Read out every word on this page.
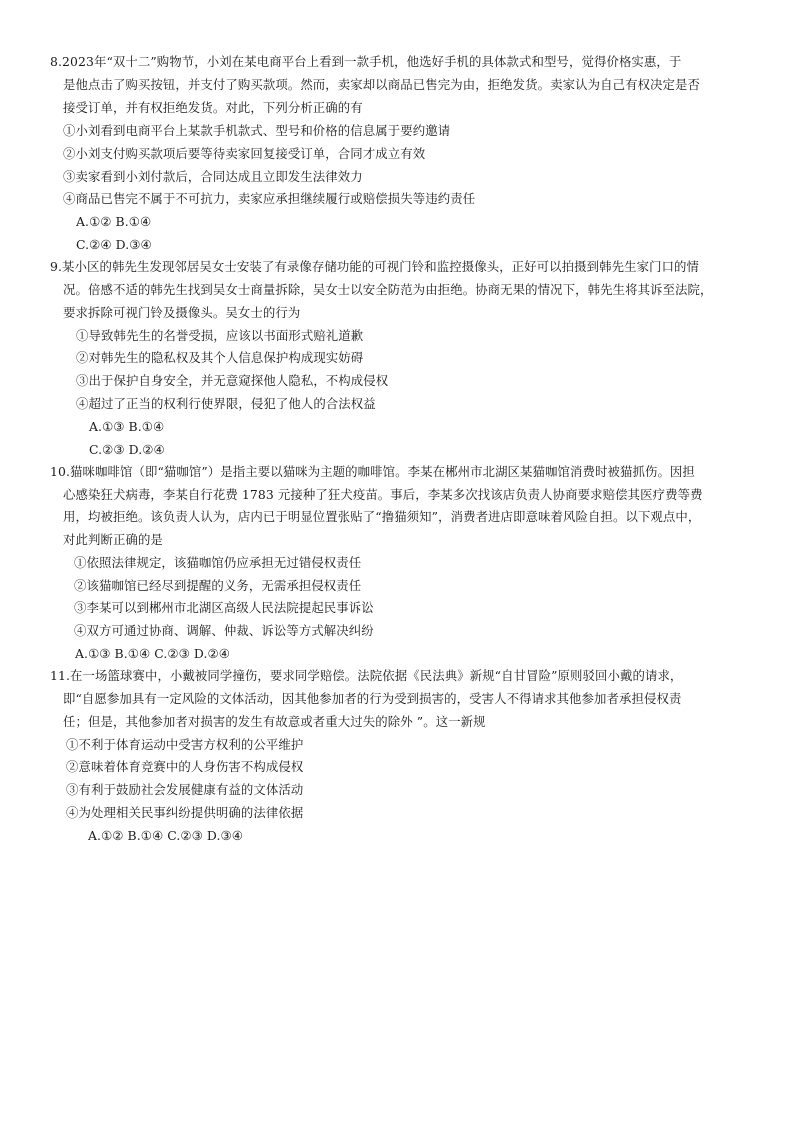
8.2023年“双十二”购物节，小刘在某电商平台上看到一款手机，他选好手机的具体款式和型号，觉得价格实惠，于
是他点击了购买按钮，并支付了购买款项。然而，卖家却以商品已售完为由，拒绝发货。卖家认为自己有权决定是否
接受订单，并有权拒绝发货。对此，下列分析正确的有
①小刘看到电商平台上某款手机款式、型号和价格的信息属于要约邀请
②小刘支付购买款项后要等待卖家回复接受订单，合同才成立有效
③卖家看到小刘付款后，合同达成且立即发生法律效力
④商品已售完不属于不可抗力，卖家应承担继续履行或赔偿损失等违约责任
A.①② B.①④
C.②④ D.③④
9.某小区的韩先生发现邻居吴女士安装了有录像存储功能的可视门铃和监控摄像头，正好可以拍摄到韩先生家门口的情
况。倍感不适的韩先生找到吴女士商量拆除，吴女士以安全防范为由拒绝。协商无果的情况下，韩先生将其诉至法院，
要求拆除可视门铃及摄像头。吴女士的行为
①导致韩先生的名誉受损，应该以书面形式赔礼道歉
②对韩先生的隐私权及其个人信息保护构成现实妨碍
③出于保护自身安全，并无意窥探他人隐私，不构成侵权
④超过了正当的权利行使界限，侵犯了他人的合法权益
A.①③ B.①④
C.②③ D.②④
10.猫咪咖啡馆（即“猫咖馆”）是指主要以猫咪为主题的咖啡馆。李某在郴州市北湖区某猫咖馆消费时被猫抓伤。因担
心感染狂犬病毒，李某自行花费 1783 元接种了狂犬疫苗。事后，李某多次找该店负责人协商要求赔偿其医疗费等费
用，均被拒绝。该负责人认为，店内已于明显位置张贴了“撸猫须知”，消费者进店即意味着风险自担。以下观点中，
对此判断正确的是
①依照法律规定，该猫咖馆仍应承担无过错侵权责任
②该猫咖馆已经尽到提醒的义务，无需承担侵权责任
③李某可以到郴州市北湖区高级人民法院提起民事诉讼
④双方可通过协商、调解、仲裁、诉讼等方式解决纠纷
A.①③ B.①④ C.②③ D.②④
11.在一场篮球赛中，小戴被同学撞伤，要求同学赔偿。法院依据《民法典》新规“自甘冒险”原则驳回小戴的请求，
即“自愿参加具有一定风险的文体活动，因其他参加者的行为受到损害的，受害人不得请求其他参加者承担侵权责
任；但是，其他参加者对损害的发生有故意或者重大过失的除外 ”。这一新规
①不利于体育运动中受害方权利的公平维护
②意味着体育竞赛中的人身伤害不构成侵权
③有利于鼓励社会发展健康有益的文体活动
④为处理相关民事纠纷提供明确的法律依据
A.①② B.①④ C.②③ D.③④
